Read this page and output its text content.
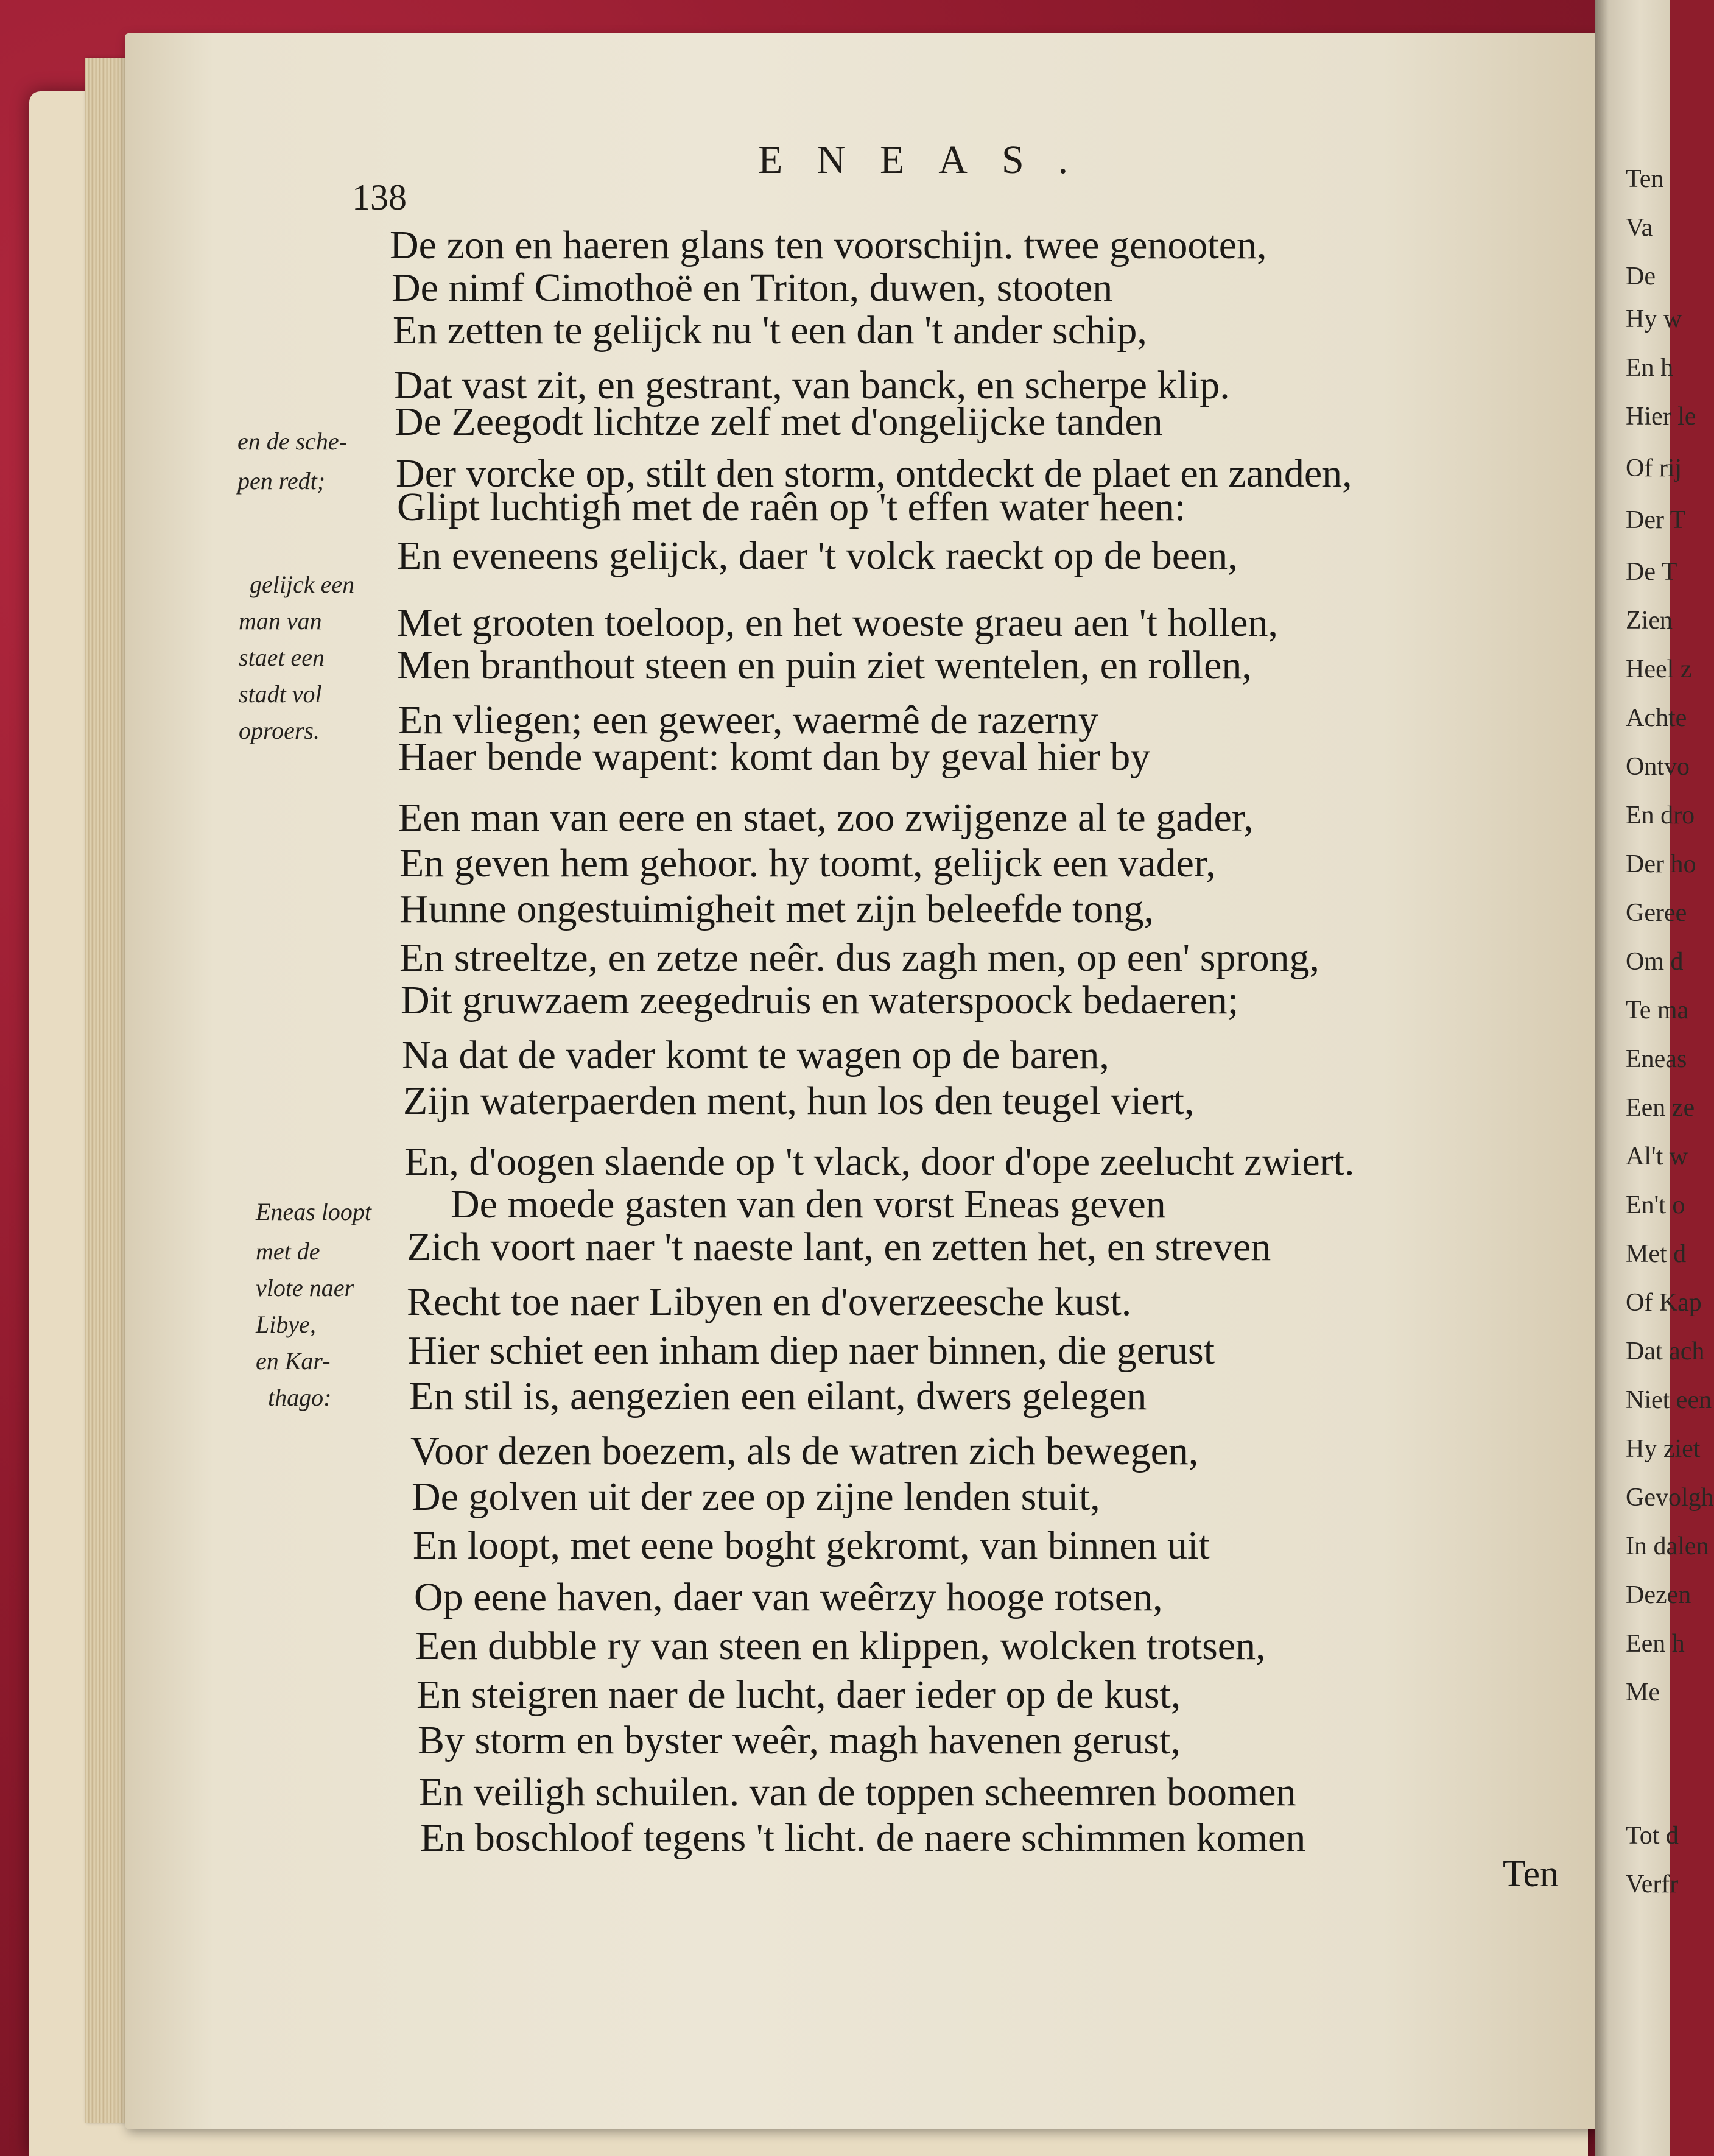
Ten
Va
De
Hy w
En h
Hier le
Of rij
Der T
De T
Zien
Heel z
Achte
Ontvo
En dro
Der ho
Geree
Om d
Te ma
Eneas
Een ze
Al't w
En't o
Met d
Of Kap
Dat ach
Niet een
Hy ziet
Gevolgh
In dalen
Dezen
Een h
Me
Tot d
Verfr
ENEAS.
138
De zon en haeren glans ten voorschijn. twee genooten,
De nimf Cimothoë en Triton, duwen, stooten
En zetten te gelijck nu 't een dan 't ander schip,
Dat vast zit, en gestrant, van banck, en scherpe klip.
De Zeegodt lichtze zelf met d'ongelijcke tanden
Der vorcke op, stilt den storm, ontdeckt de plaet en zanden,
Glipt luchtigh met de raên op 't effen water heen:
En eveneens gelijck, daer 't volck raeckt op de been,
Met grooten toeloop, en het woeste graeu aen 't hollen,
Men branthout steen en puin ziet wentelen, en rollen,
En vliegen; een geweer, waermê de razerny
Haer bende wapent: komt dan by geval hier by
Een man van eere en staet, zoo zwijgenze al te gader,
En geven hem gehoor. hy toomt, gelijck een vader,
Hunne ongestuimigheit met zijn beleefde tong,
En streeltze, en zetze neêr. dus zagh men, op een' sprong,
Dit gruwzaem zeegedruis en waterspoock bedaeren;
Na dat de vader komt te wagen op de baren,
Zijn waterpaerden ment, hun los den teugel viert,
En, d'oogen slaende op 't vlack, door d'ope zeelucht zwiert.
De moede gasten van den vorst Eneas geven
Zich voort naer 't naeste lant, en zetten het, en streven
Recht toe naer Libyen en d'overzeesche kust.
Hier schiet een inham diep naer binnen, die gerust
En stil is, aengezien een eilant, dwers gelegen
Voor dezen boezem, als de watren zich bewegen,
De golven uit der zee op zijne lenden stuit,
En loopt, met eene boght gekromt, van binnen uit
Op eene haven, daer van weêrzy hooge rotsen,
Een dubble ry van steen en klippen, wolcken trotsen,
En steigren naer de lucht, daer ieder op de kust,
By storm en byster weêr, magh havenen gerust,
En veiligh schuilen. van de toppen scheemren boomen
En boschloof tegens 't licht. de naere schimmen komen
en de sche-
pen redt;
gelijck een
man van
staet een
stadt vol
oproers.
Eneas loopt
met de
vlote naer
Libye,
en Kar-
thago:
Ten
